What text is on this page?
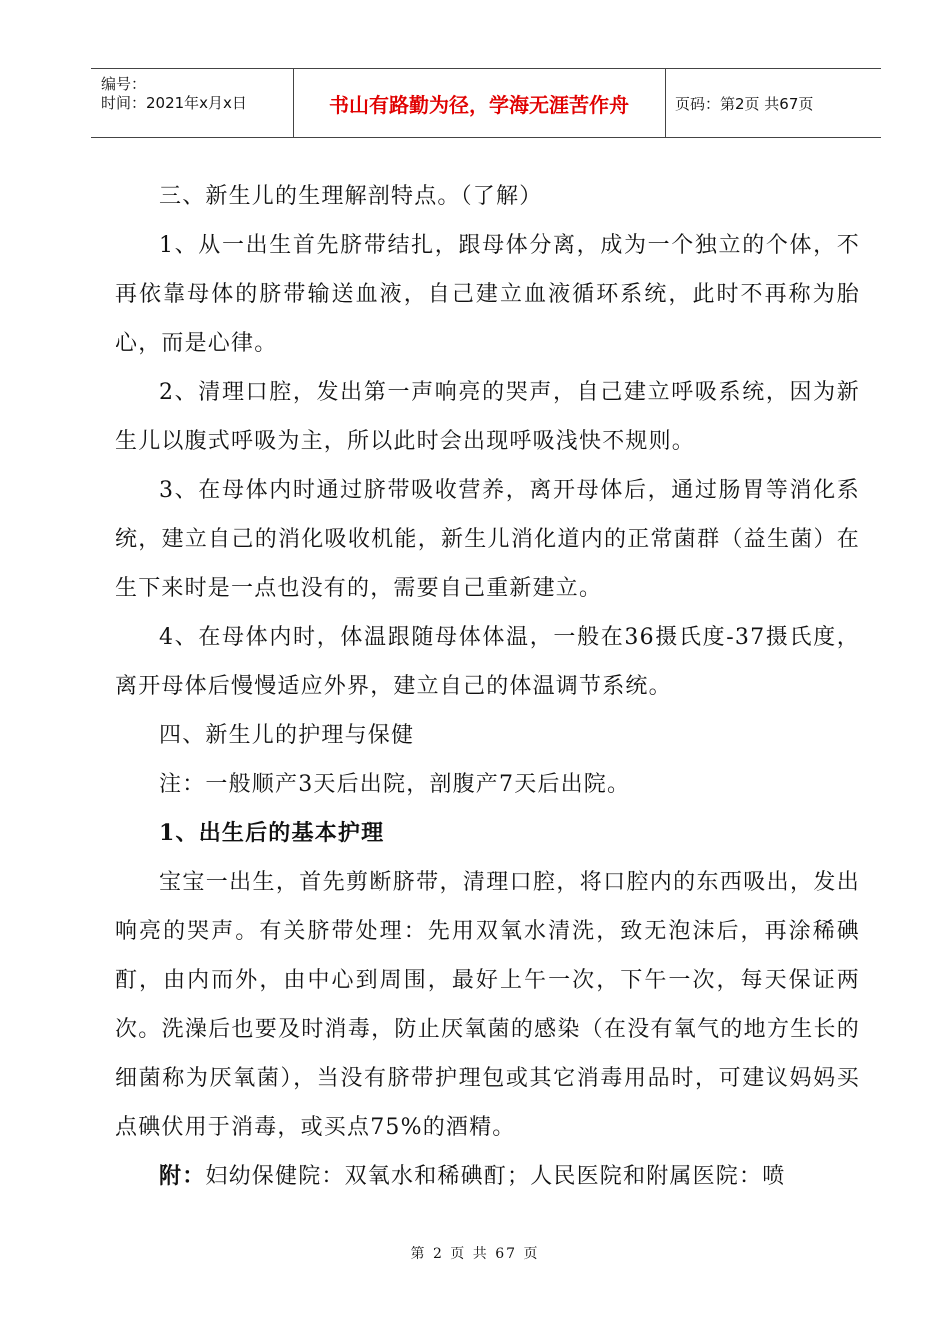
编号：
时间：2021年x月x日	书山有路勤为径，学海无涯苦作舟	页码：第2页 共67页

三、新生儿的生理解剖特点。（了解）

1、从一出生首先脐带结扎，跟母体分离，成为一个独立的个体，不再依靠母体的脐带输送血液，自己建立血液循环系统，此时不再称为胎心，而是心律。

2、清理口腔，发出第一声响亮的哭声，自己建立呼吸系统，因为新生儿以腹式呼吸为主，所以此时会出现呼吸浅快不规则。

3、在母体内时通过脐带吸收营养，离开母体后，通过肠胃等消化系统，建立自己的消化吸收机能，新生儿消化道内的正常菌群（益生菌）在生下来时是一点也没有的，需要自己重新建立。

4、在母体内时，体温跟随母体体温，一般在36摄氏度-37摄氏度，离开母体后慢慢适应外界，建立自己的体温调节系统。

四、新生儿的护理与保健

注：一般顺产3天后出院，剖腹产7天后出院。

1、出生后的基本护理

宝宝一出生，首先剪断脐带，清理口腔，将口腔内的东西吸出，发出响亮的哭声。有关脐带处理：先用双氧水清洗，致无泡沫后，再涂稀碘酊，由内而外，由中心到周围，最好上午一次，下午一次，每天保证两次。洗澡后也要及时消毒，防止厌氧菌的感染（在没有氧气的地方生长的细菌称为厌氧菌），当没有脐带护理包或其它消毒用品时，可建议妈妈买点碘伏用于消毒，或买点75%的酒精。

附：妇幼保健院：双氧水和稀碘酊；人民医院和附属医院：喷

第 2 页 共 67 页
